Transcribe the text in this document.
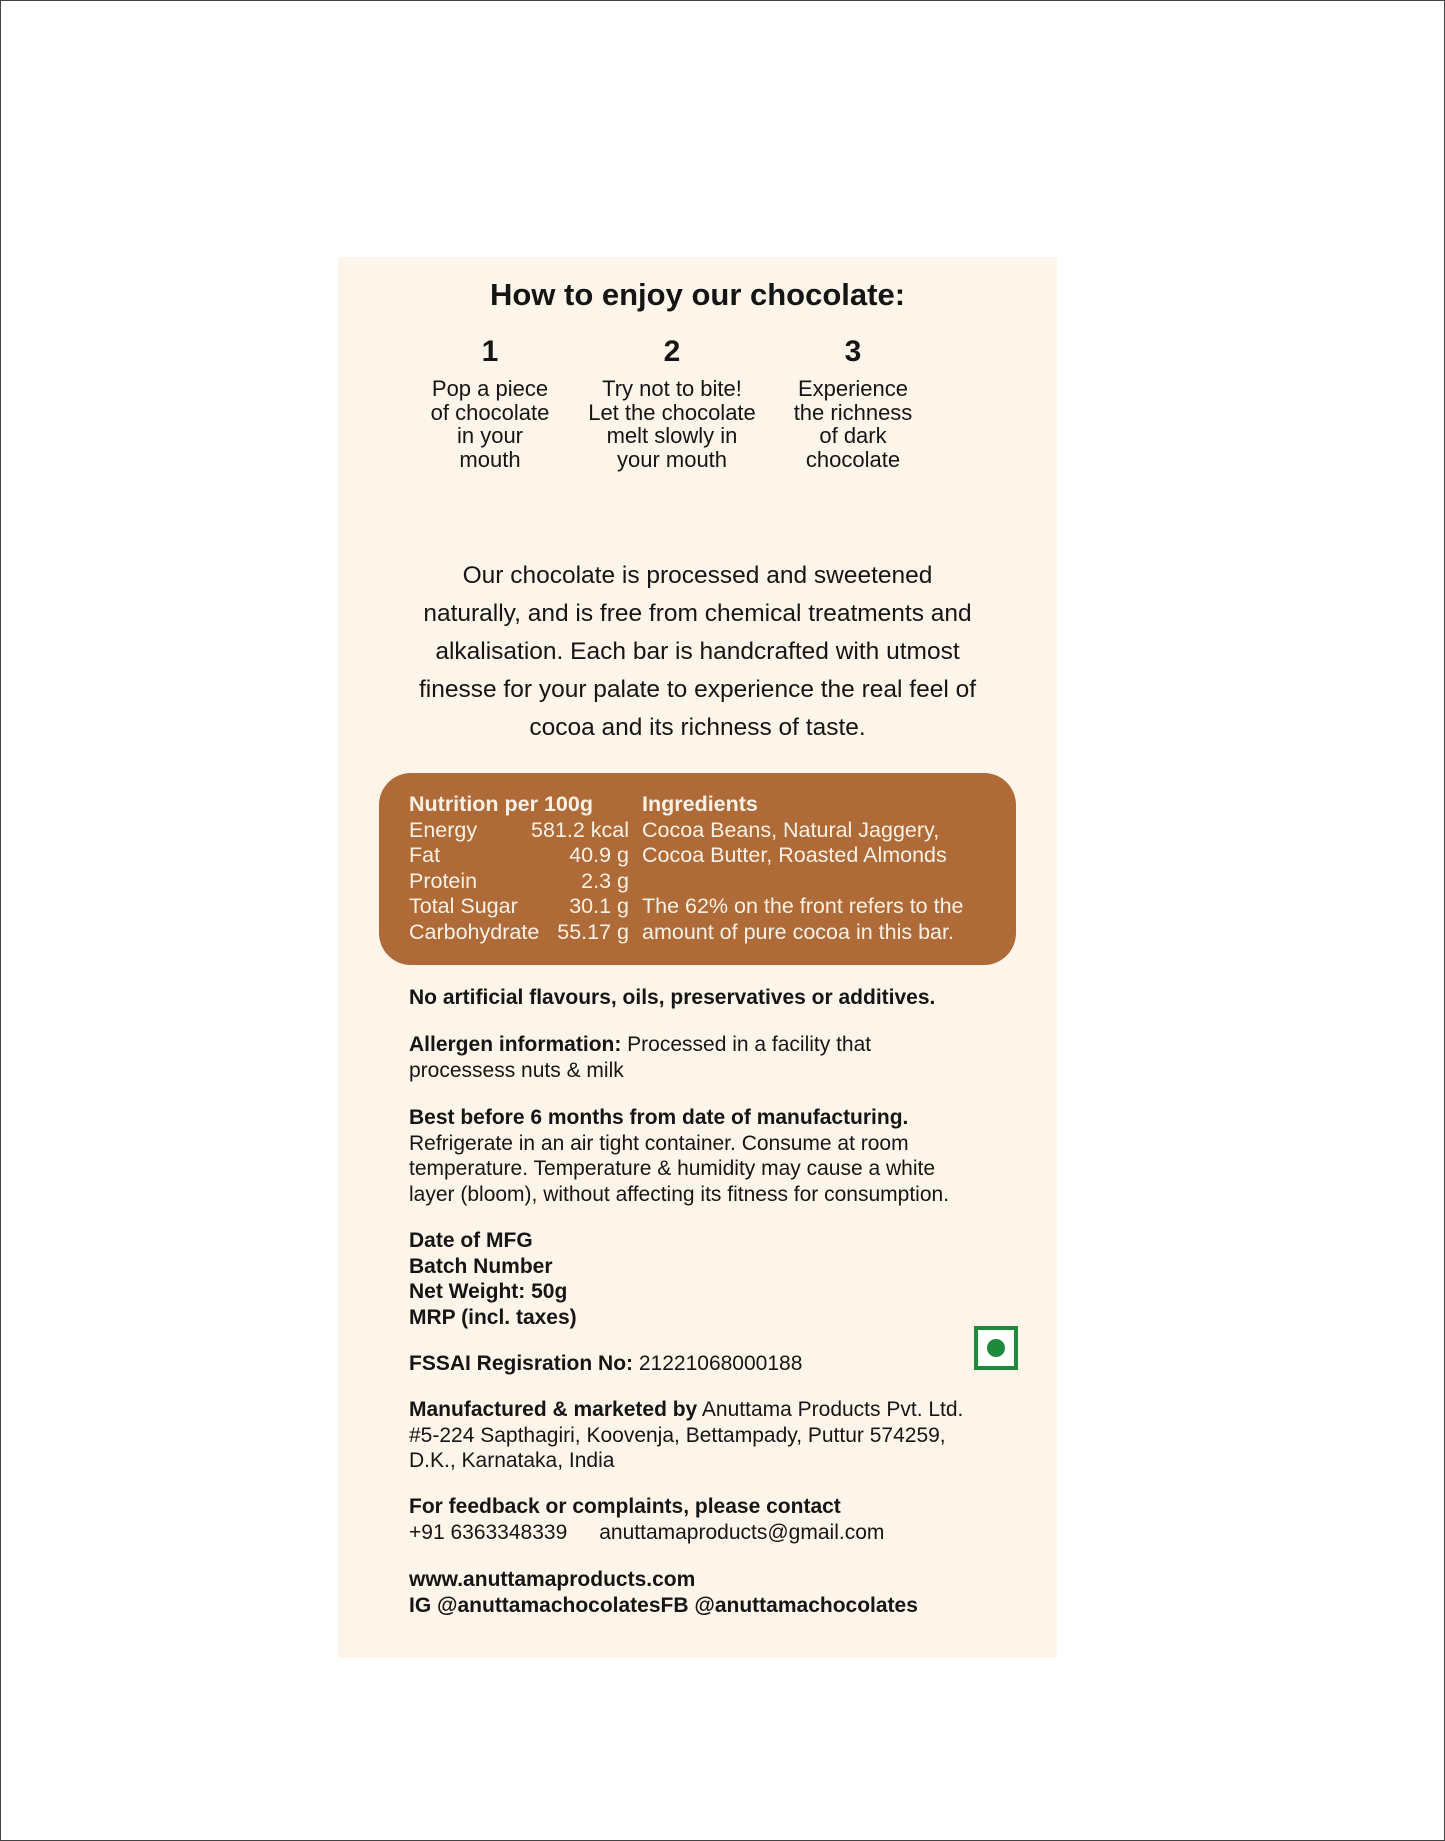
How to enjoy our chocolate:
1
Pop a piece
of chocolate
in your
mouth
2
Try not to bite!
Let the chocolate
melt slowly in
your mouth
3
Experience
the richness
of dark
chocolate
Our chocolate is processed and sweetened
naturally, and is free from chemical treatments and
alkalisation. Each bar is handcrafted with utmost
finesse for your palate to experience the real feel of
cocoa and its richness of taste.
Nutrition per 100g
Energy	581.2 kcal
Fat	40.9 g
Protein	2.3 g
Total Sugar 30.1 g
Carbohydrate 55.17 g
Ingredients
Cocoa Beans, Natural Jaggery,
Cocoa Butter, Roasted Almonds
The 62% on the front refers to the
amount of pure cocoa in this bar.
No artificial flavours, oils, preservatives or additives.
Allergen information: Processed in a facility that
processess nuts & milk
Best before 6 months from date of manufacturing.
Refrigerate in an air tight container. Consume at room
temperature. Temperature & humidity may cause a white
layer (bloom), without affecting its fitness for consumption.
Date of MFG
Batch Number
Net Weight: 50g
MRP (incl. taxes)
FSSAI Regisration No: 21221068000188
Manufactured & marketed by Anuttama Products Pvt. Ltd.
#5-224 Sapthagiri, Koovenja, Bettampady, Puttur 574259,
D.K., Karnataka, India
For feedback or complaints, please contact
+91 6363348339 anuttamaproducts@gmail.com
www.anuttamaproducts.com
IG @anuttamachocolatesFB @anuttamachocolates
